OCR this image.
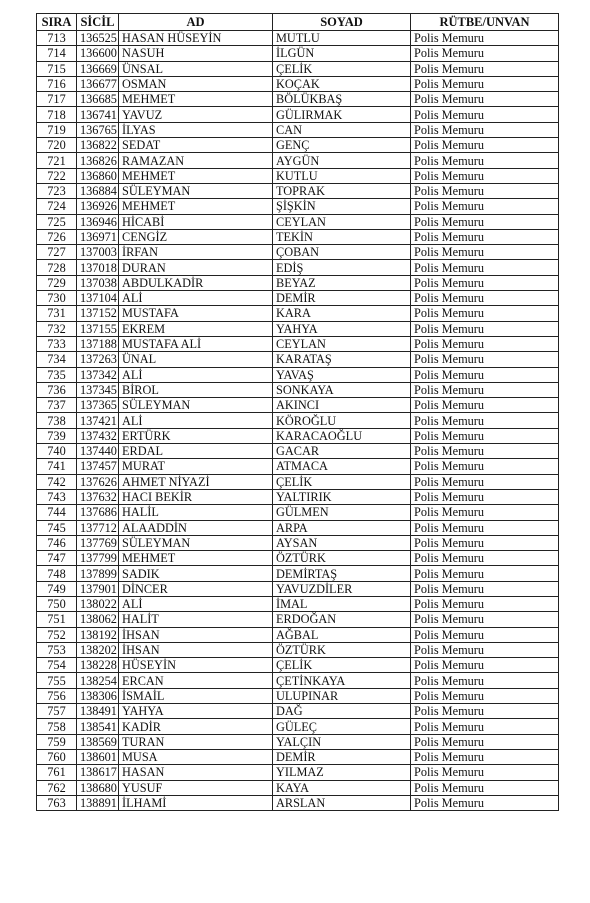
SIRA	SİCİL	AD	SOYAD	RÜTBE/UNVAN
713	136525	HASAN HÜSEYİN	MUTLU	Polis Memuru
714	136600	NASUH	İLGÜN	Polis Memuru
715	136669	ÜNSAL	ÇELİK	Polis Memuru
716	136677	OSMAN	KOÇAK	Polis Memuru
717	136685	MEHMET	BÖLÜKBAŞ	Polis Memuru
718	136741	YAVUZ	GÜLIRMAK	Polis Memuru
719	136765	İLYAS	CAN	Polis Memuru
720	136822	SEDAT	GENÇ	Polis Memuru
721	136826	RAMAZAN	AYGÜN	Polis Memuru
722	136860	MEHMET	KUTLU	Polis Memuru
723	136884	SÜLEYMAN	TOPRAK	Polis Memuru
724	136926	MEHMET	ŞİŞKİN	Polis Memuru
725	136946	HİCABİ	CEYLAN	Polis Memuru
726	136971	CENGİZ	TEKİN	Polis Memuru
727	137003	İRFAN	ÇOBAN	Polis Memuru
728	137018	DURAN	EDİŞ	Polis Memuru
729	137038	ABDULKADİR	BEYAZ	Polis Memuru
730	137104	ALİ	DEMİR	Polis Memuru
731	137152	MUSTAFA	KARA	Polis Memuru
732	137155	EKREM	YAHYA	Polis Memuru
733	137188	MUSTAFA ALİ	CEYLAN	Polis Memuru
734	137263	ÜNAL	KARATAŞ	Polis Memuru
735	137342	ALİ	YAVAŞ	Polis Memuru
736	137345	BİROL	SONKAYA	Polis Memuru
737	137365	SÜLEYMAN	AKINCI	Polis Memuru
738	137421	ALİ	KÖROĞLU	Polis Memuru
739	137432	ERTÜRK	KARACAOĞLU	Polis Memuru
740	137440	ERDAL	GACAR	Polis Memuru
741	137457	MURAT	ATMACA	Polis Memuru
742	137626	AHMET NİYAZİ	ÇELİK	Polis Memuru
743	137632	HACI BEKİR	YALTIRIK	Polis Memuru
744	137686	HALİL	GÜLMEN	Polis Memuru
745	137712	ALAADDİN	ARPA	Polis Memuru
746	137769	SÜLEYMAN	AYSAN	Polis Memuru
747	137799	MEHMET	ÖZTÜRK	Polis Memuru
748	137899	SADIK	DEMİRTAŞ	Polis Memuru
749	137901	DİNCER	YAVUZDİLER	Polis Memuru
750	138022	ALİ	İMAL	Polis Memuru
751	138062	HALİT	ERDOĞAN	Polis Memuru
752	138192	İHSAN	AĞBAL	Polis Memuru
753	138202	İHSAN	ÖZTÜRK	Polis Memuru
754	138228	HÜSEYİN	ÇELİK	Polis Memuru
755	138254	ERCAN	ÇETİNKAYA	Polis Memuru
756	138306	İSMAİL	ULUPINAR	Polis Memuru
757	138491	YAHYA	DAĞ	Polis Memuru
758	138541	KADİR	GÜLEÇ	Polis Memuru
759	138569	TURAN	YALÇIN	Polis Memuru
760	138601	MUSA	DEMİR	Polis Memuru
761	138617	HASAN	YILMAZ	Polis Memuru
762	138680	YUSUF	KAYA	Polis Memuru
763	138891	İLHAMİ	ARSLAN	Polis Memuru
